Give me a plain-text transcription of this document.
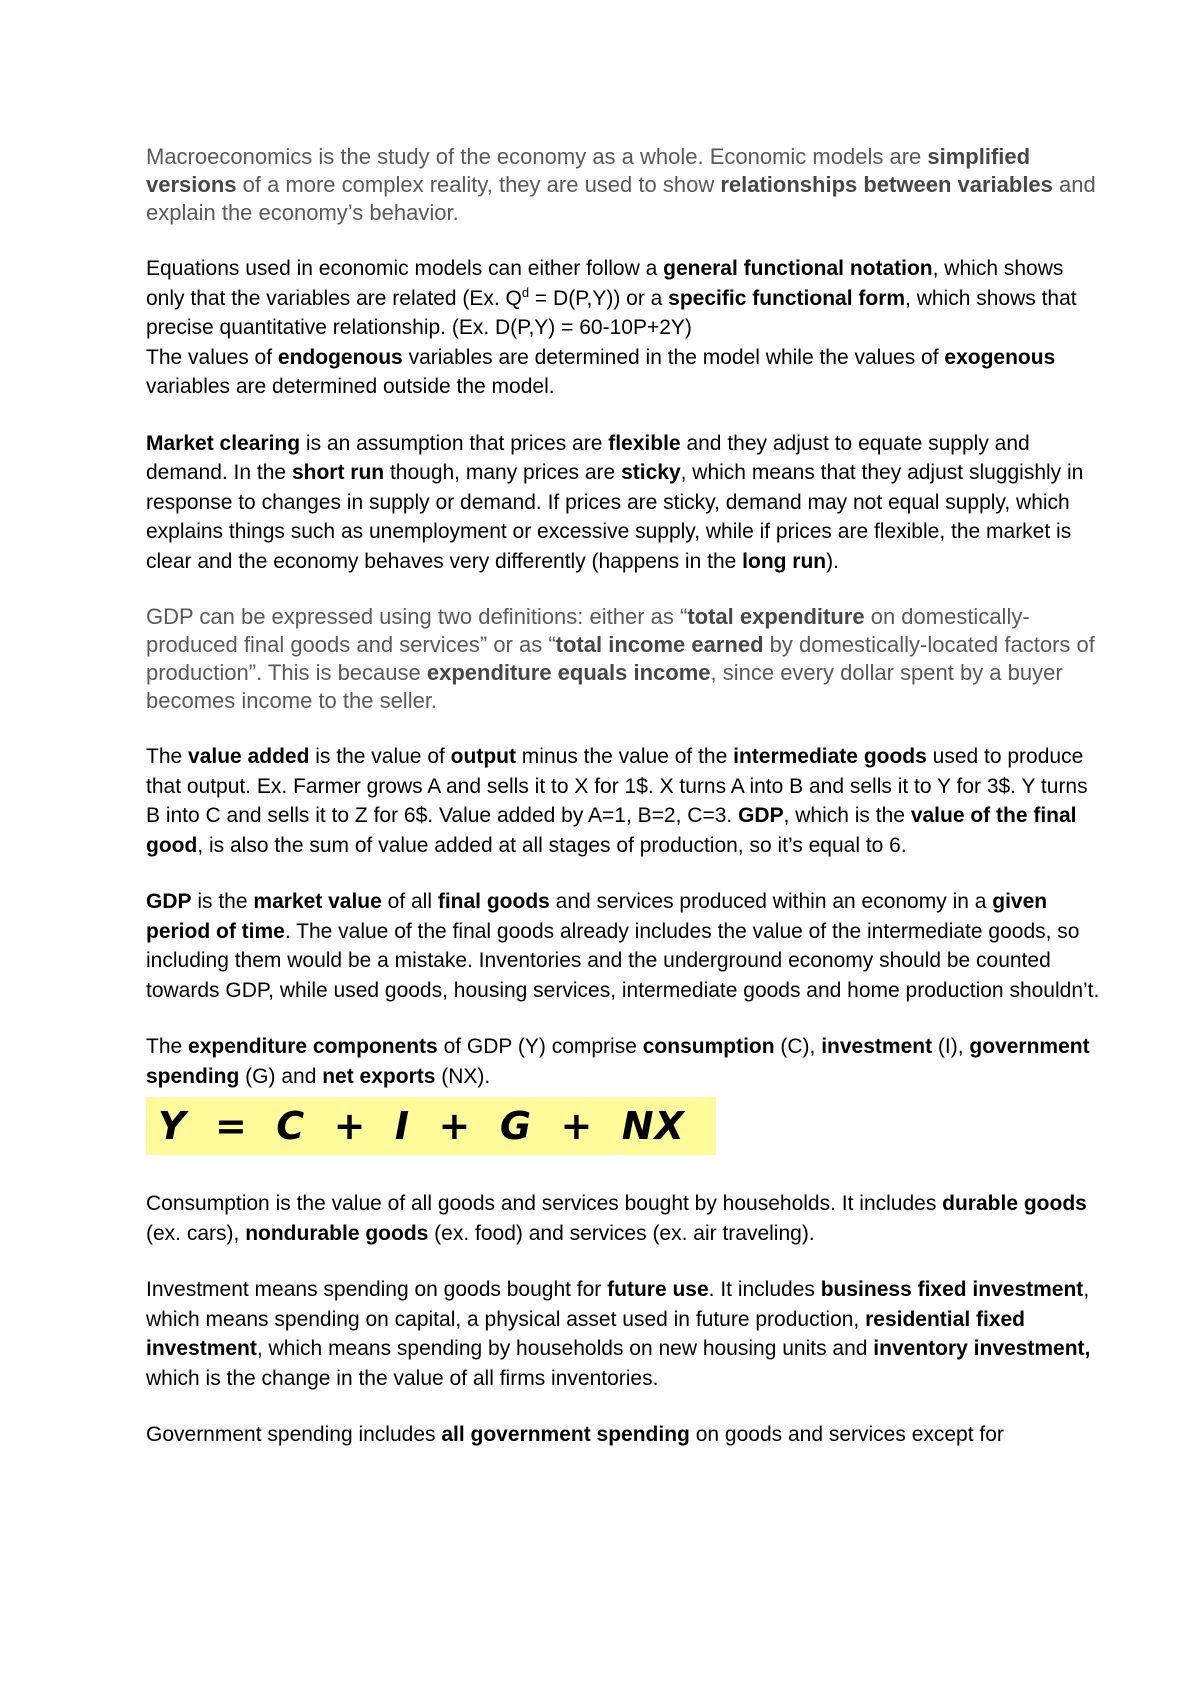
Macroeconomics is the study of the economy as a whole. Economic models are simplified versions of a more complex reality, they are used to show relationships between variables and explain the economy’s behavior.

Equations used in economic models can either follow a general functional notation, which shows only that the variables are related (Ex. $Q^d = D(P,Y)$) or a specific functional form, which shows that precise quantitative relationship. (Ex. D(P,Y) = 60-10P+2Y)

The values of endogenous variables are determined in the model while the values of exogenous variables are determined outside the model.

Market clearing is an assumption that prices are flexible and they adjust to equate supply and demand. In the short run though, many prices are sticky, which means that they adjust sluggishly in response to changes in supply or demand. If prices are sticky, demand may not equal supply, which explains things such as unemployment or excessive supply, while if prices are flexible, the market is clear and the economy behaves very differently (happens in the long run).

GDP can be expressed using two definitions: either as “total expenditure on domestically-produced final goods and services” or as “total income earned by domestically-located factors of production”. This is because expenditure equals income, since every dollar spent by a buyer becomes income to the seller.

The value added is the value of output minus the value of the intermediate goods used to produce that output. Ex. Farmer grows A and sells it to X for 1$. X turns A into B and sells it to Y for 3$. Y turns B into C and sells it to Z for 6$. Value added by A=1, B=2, C=3. GDP, which is the value of the final good, is also the sum of value added at all stages of production, so it’s equal to 6.

GDP is the market value of all final goods and services produced within an economy in a given period of time. The value of the final goods already includes the value of the intermediate goods, so including them would be a mistake. Inventories and the underground economy should be counted towards GDP, while used goods, housing services, intermediate goods and home production shouldn’t.

The expenditure components of GDP (Y) comprise consumption (C), investment (I), government spending (G) and net exports (NX).

Y  =  C  +  I  +  G  +  NX

Consumption is the value of all goods and services bought by households. It includes durable goods (ex. cars), nondurable goods (ex. food) and services (ex. air traveling).

Investment means spending on goods bought for future use. It includes business fixed investment, which means spending on capital, a physical asset used in future production, residential fixed investment, which means spending by households on new housing units and inventory investment, which is the change in the value of all firms inventories.

Government spending includes all government spending on goods and services except for
